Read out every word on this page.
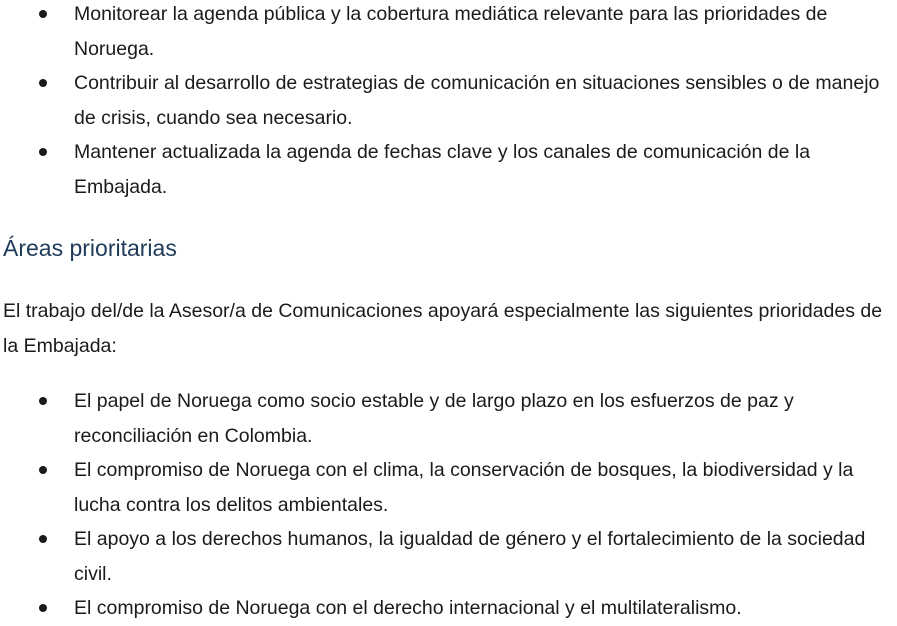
Monitorear la agenda pública y la cobertura mediática relevante para las prioridades de Noruega.
Contribuir al desarrollo de estrategias de comunicación en situaciones sensibles o de manejo de crisis, cuando sea necesario.
Mantener actualizada la agenda de fechas clave y los canales de comunicación de la Embajada.
Áreas prioritarias

El trabajo del/de la Asesor/a de Comunicaciones apoyará especialmente las siguientes prioridades de la Embajada:

El papel de Noruega como socio estable y de largo plazo en los esfuerzos de paz y reconciliación en Colombia.
El compromiso de Noruega con el clima, la conservación de bosques, la biodiversidad y la lucha contra los delitos ambientales.
El apoyo a los derechos humanos, la igualdad de género y el fortalecimiento de la sociedad civil.
El compromiso de Noruega con el derecho internacional y el multilateralismo.
